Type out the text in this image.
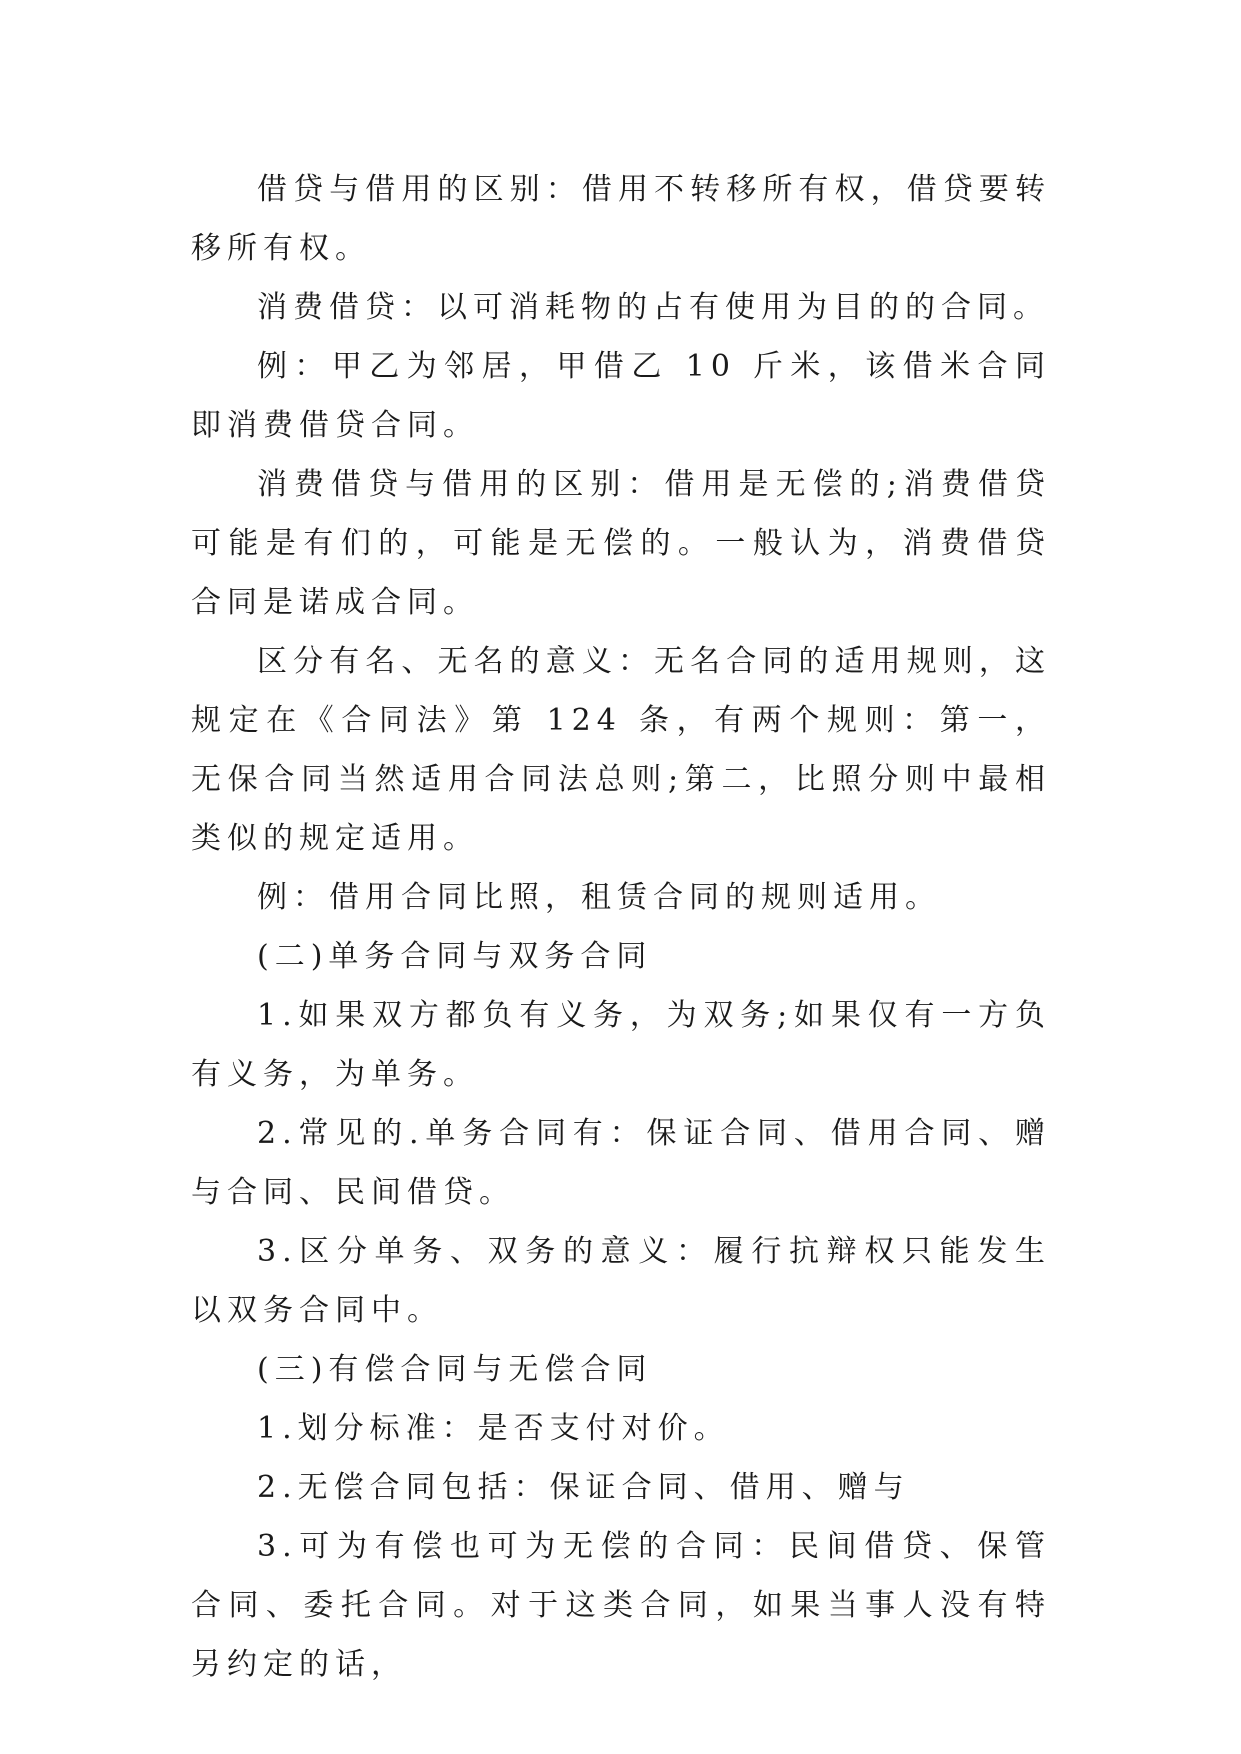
借贷与借用的区别：借用不转移所有权，借贷要转移所有权。

消费借贷：以可消耗物的占有使用为目的的合同。

例：甲乙为邻居，甲借乙 10 斤米，该借米合同即消费借贷合同。

消费借贷与借用的区别：借用是无偿的;消费借贷可能是有们的，可能是无偿的。一般认为，消费借贷合同是诺成合同。

区分有名、无名的意义：无名合同的适用规则，这规定在《合同法》第 124 条，有两个规则：第一，无保合同当然适用合同法总则;第二，比照分则中最相类似的规定适用。

例：借用合同比照，租赁合同的规则适用。

(二)单务合同与双务合同

1.如果双方都负有义务，为双务;如果仅有一方负有义务，为单务。

2.常见的.单务合同有：保证合同、借用合同、赠与合同、民间借贷。

3.区分单务、双务的意义：履行抗辩权只能发生以双务合同中。

(三)有偿合同与无偿合同

1.划分标准：是否支付对价。

2.无偿合同包括：保证合同、借用、赠与

3.可为有偿也可为无偿的合同：民间借贷、保管合同、委托合同。对于这类合同，如果当事人没有特另约定的话，
